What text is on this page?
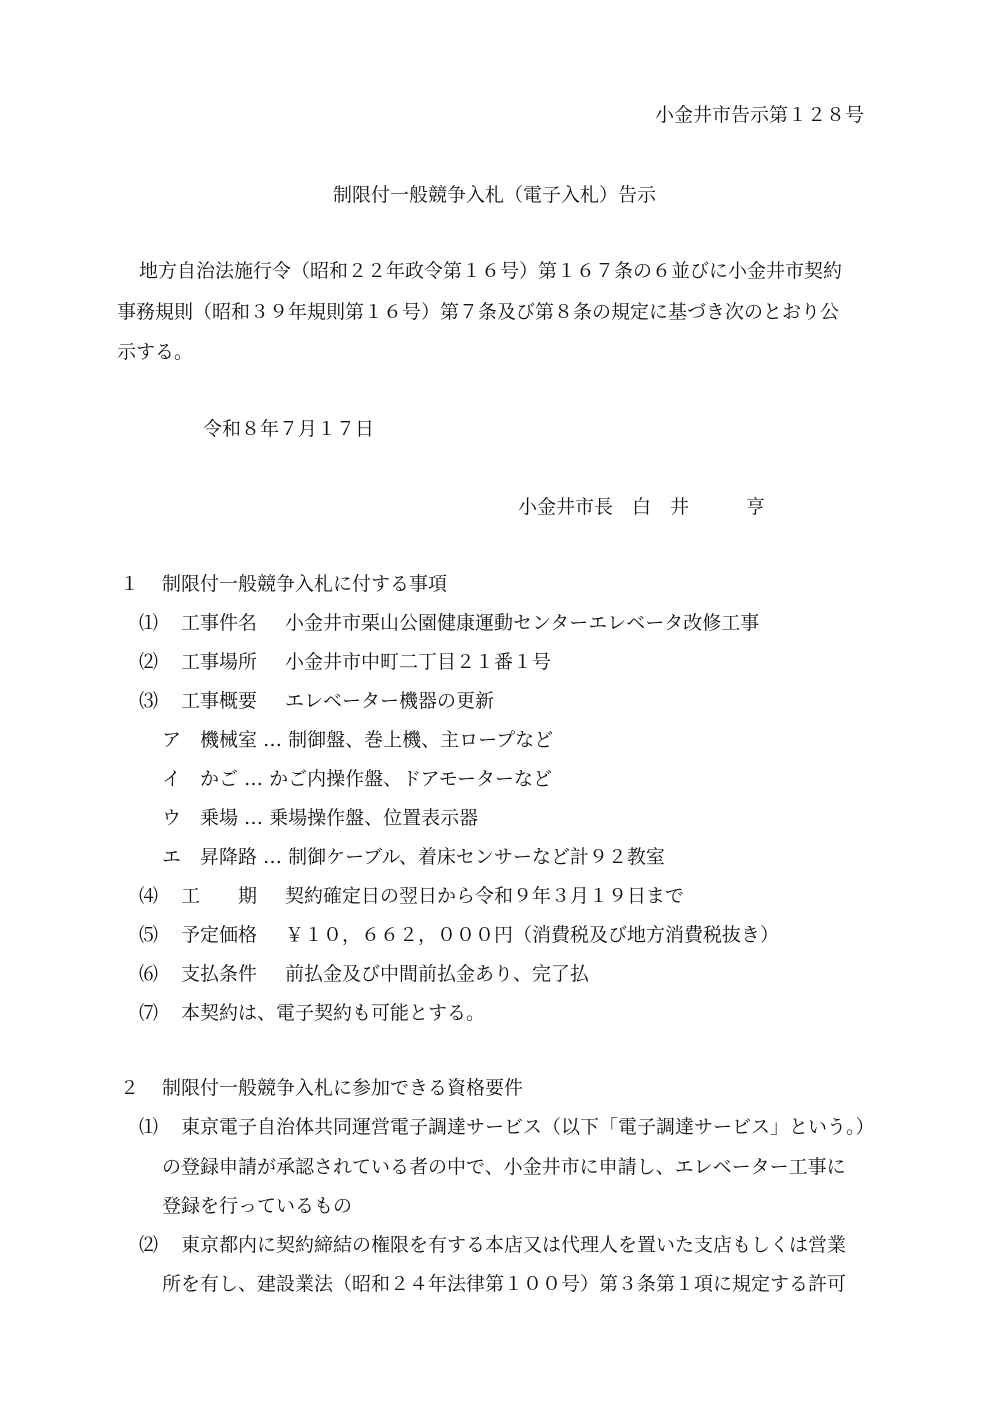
小金井市告示第１２８号
制限付一般競争入札（電子入札）告示
地方自治法施行令（昭和２２年政令第１６号）第１６７条の６並びに小金井市契約
事務規則（昭和３９年規則第１６号）第７条及び第８条の規定に基づき次のとおり公
示する。
令和８年７月１７日
小金井市長　白　井　　　亨
１ 制限付一般競争入札に付する事項
⑴ 工事件名 小金井市栗山公園健康運動センターエレベータ改修工事
⑵ 工事場所 小金井市中町二丁目２１番１号
⑶ 工事概要 エレベーター機器の更新
ア 機械室 … 制御盤、巻上機、主ロープなど
イ かご … かご内操作盤、ドアモーターなど
ウ 乗場 … 乗場操作盤、位置表示器
エ 昇降路 … 制御ケーブル、着床センサーなど計９２教室
⑷ 工　　期 契約確定日の翌日から令和９年３月１９日まで
⑸ 予定価格 ￥１０，６６２，０００円（消費税及び地方消費税抜き）
⑹ 支払条件 前払金及び中間前払金あり、完了払
⑺ 本契約は、電子契約も可能とする。
２ 制限付一般競争入札に参加できる資格要件
⑴ 東京電子自治体共同運営電子調達サービス（以下「電子調達サービス」という。）
の登録申請が承認されている者の中で、小金井市に申請し、エレベーター工事に
登録を行っているもの
⑵ 東京都内に契約締結の権限を有する本店又は代理人を置いた支店もしくは営業
所を有し、建設業法（昭和２４年法律第１００号）第３条第１項に規定する許可
